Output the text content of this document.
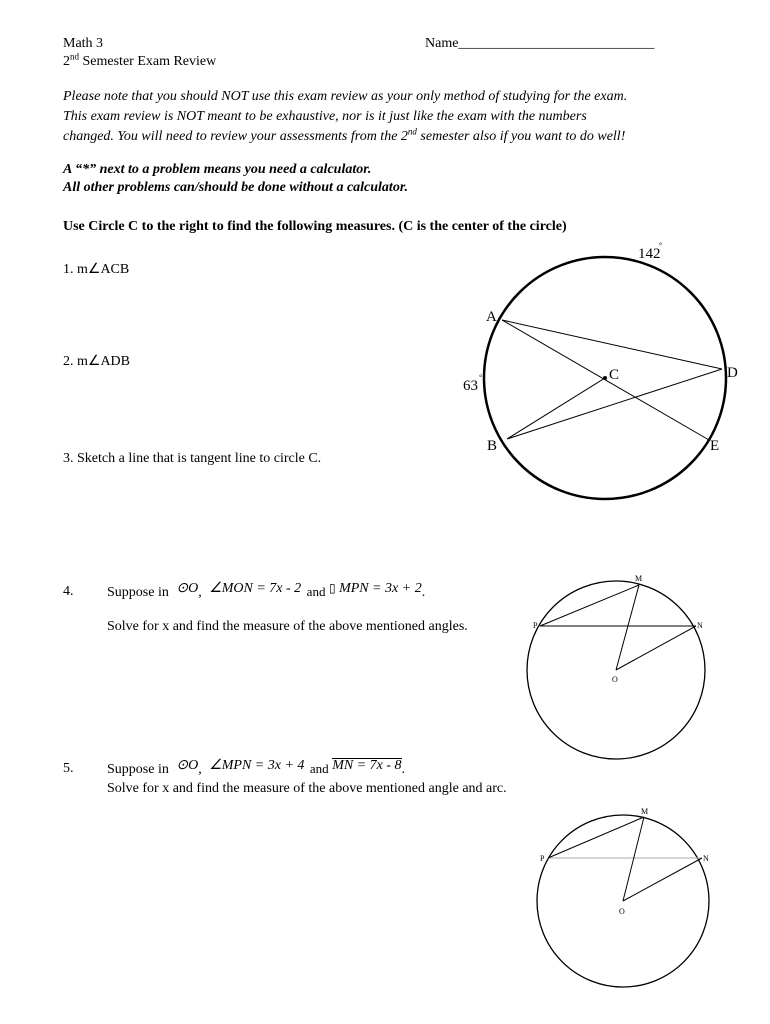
Math 3	Name____________________________
2nd Semester Exam Review
Please note that you should NOT use this exam review as your only method of studying for the exam.
This exam review is NOT meant to be exhaustive, nor is it just like the exam with the numbers
changed. You will need to review your assessments from the 2nd semester also if you want to do well!
A “*” next to a problem means you need a calculator.
All other problems can/should be done without a calculator.
Use Circle C to the right to find the following measures. (C is the center of the circle)
1. m∠ACB
2. m∠ADB
3. Sketch a line that is tangent line to circle C.
4. Suppose in ⊙O, ∠MON = 7x - 2 and ▯ MPN = 3x + 2.
Solve for x and find the measure of the above mentioned angles.
5. Suppose in ⊙O, ∠MPN = 3x + 4 and MN = 7x - 8.
Solve for x and find the measure of the above mentioned angle and arc.
A
B
C	D
E
142
°
63
°
M
P	N
O
M
P	N
O
